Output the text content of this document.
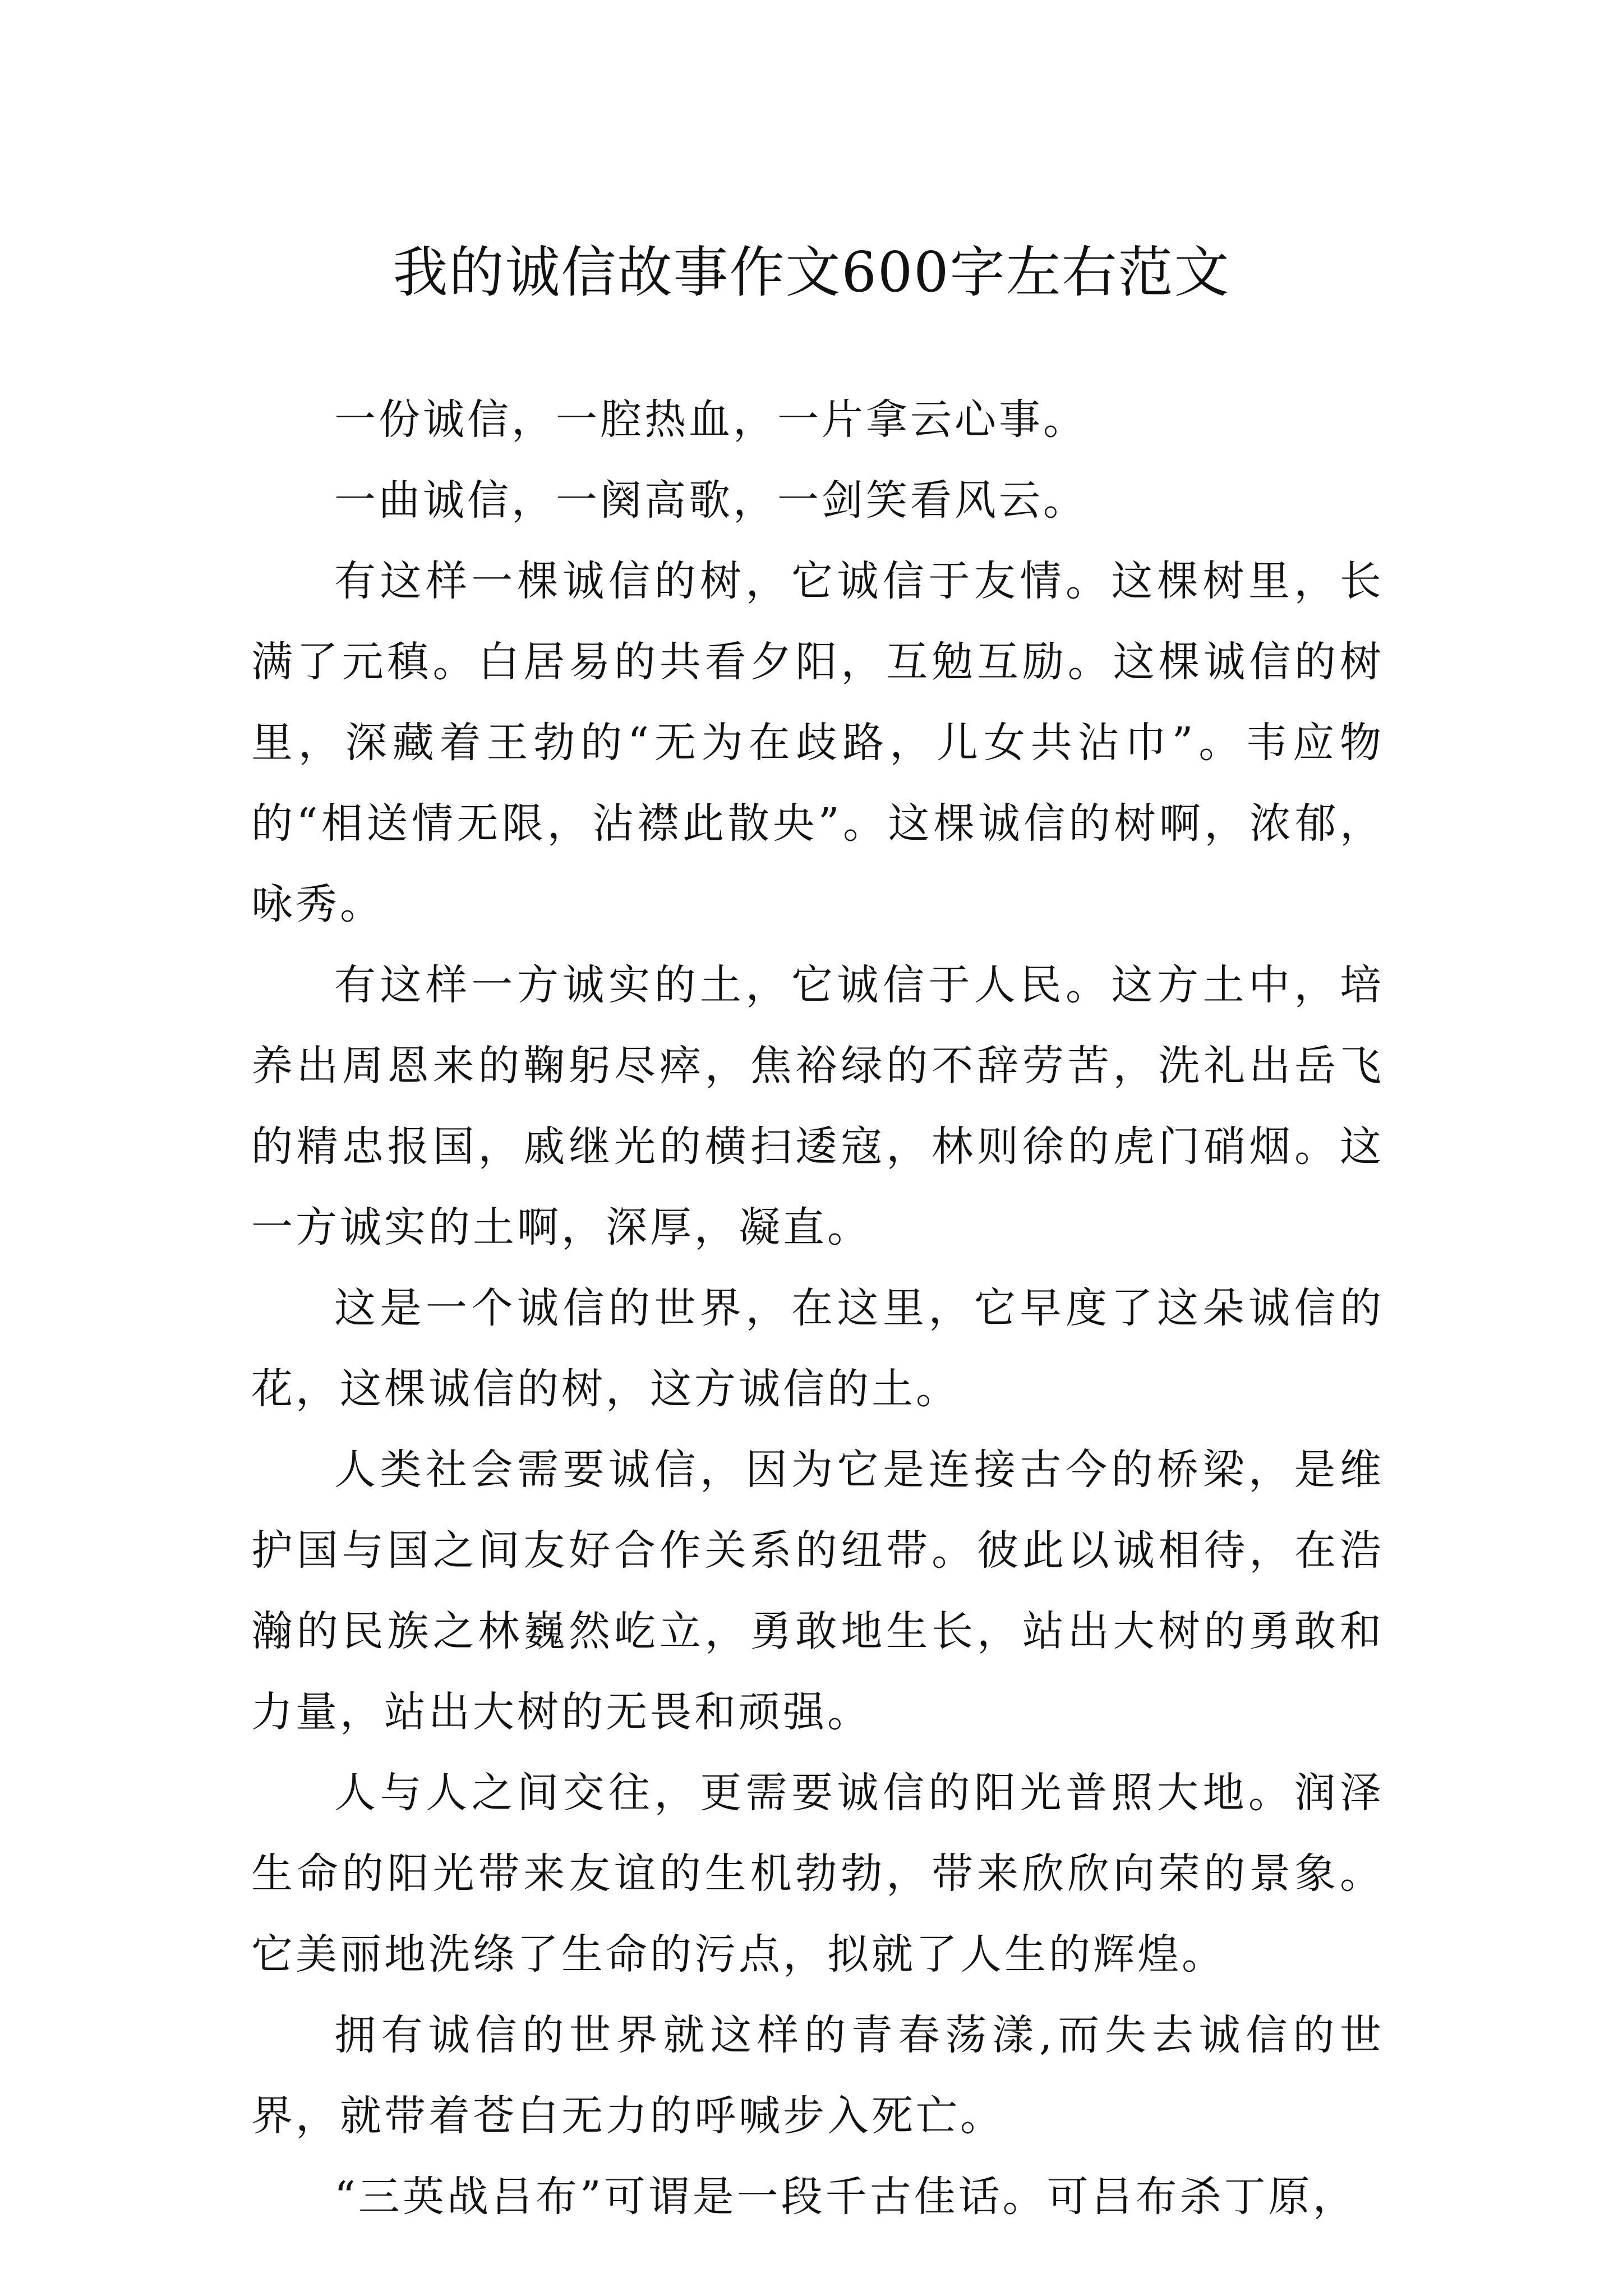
我的诚信故事作文600字左右范文

一份诚信，一腔热血，一片拿云心事。

一曲诚信，一阕高歌，一剑笑看风云。

有这样一棵诚信的树，它诚信于友情。这棵树里，长满了元稹。白居易的共看夕阳，互勉互励。这棵诚信的树里，深藏着王勃的“无为在歧路，儿女共沾巾”。韦应物的“相送情无限，沾襟此散央”。这棵诚信的树啊，浓郁，咏秀。

有这样一方诚实的土，它诚信于人民。这方土中，培养出周恩来的鞠躬尽瘁，焦裕绿的不辞劳苦，洗礼出岳飞的精忠报国，戚继光的横扫逶寇，林则徐的虎门硝烟。这一方诚实的土啊，深厚，凝直。

这是一个诚信的世界，在这里，它早度了这朵诚信的花，这棵诚信的树，这方诚信的土。

人类社会需要诚信，因为它是连接古今的桥梁，是维护国与国之间友好合作关系的纽带。彼此以诚相待，在浩瀚的民族之林巍然屹立，勇敢地生长，站出大树的勇敢和力量，站出大树的无畏和顽强。

人与人之间交往，更需要诚信的阳光普照大地。润泽生命的阳光带来友谊的生机勃勃，带来欣欣向荣的景象。它美丽地洗绦了生命的污点，拟就了人生的辉煌。

拥有诚信的世界就这样的青春荡漾,而失去诚信的世界，就带着苍白无力的呼喊步入死亡。

“三英战吕布”可谓是一段千古佳话。可吕布杀丁原，
